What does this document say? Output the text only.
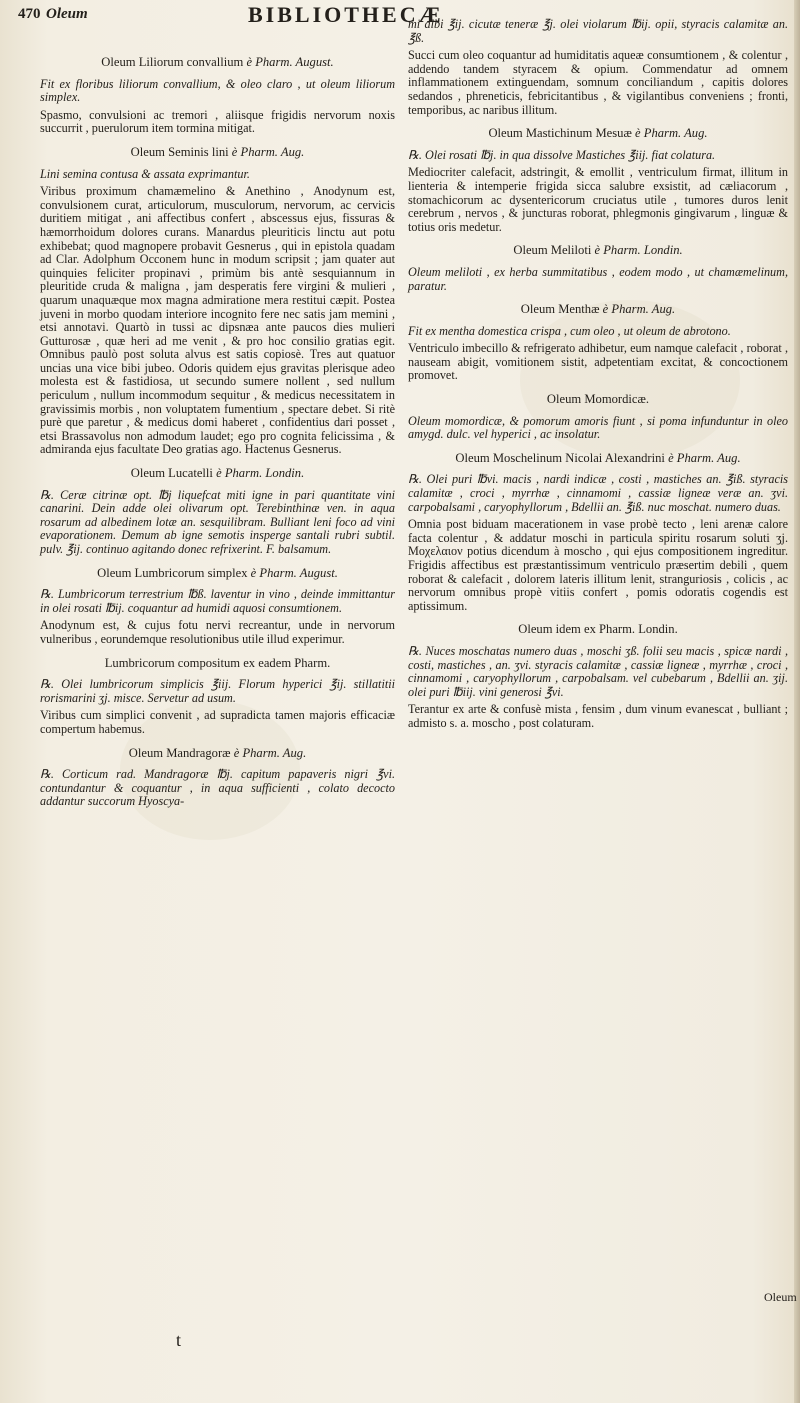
470 Oleum	BIBLIOTHECÆ

Oleum Liliorum convallium è Pharm. August.

Fit ex floribus liliorum convallium, & oleo claro , ut oleum liliorum simplex.

Spasmo, convulsioni ac tremori , aliisque frigidis nervorum noxis succurrit , puerulorum item tormina mitigat.

Oleum Seminis lini è Pharm. Aug.

Lini semina contusa & assata exprimantur.

Viribus proximum chamæmelino & Anethino , Anodynum est, convulsionem curat, articulorum, musculorum, nervorum, ac cervicis duritiem mitigat , ani affectibus confert , abscessus ejus, fissuras & hæmorrhoidum dolores curans. Manardus pleuriticis linctu aut potu exhibebat; quod magnopere probavit Gesnerus , qui in epistola quadam ad Clar. Adolphum Occonem hunc in modum scripsit ; jam quater aut quinquies feliciter propinavi , primùm bis antè sesquiannum in pleuritide cruda & maligna , jam desperatis fere virgini & mulieri , quarum unaquæque mox magna admiratione mera restitui cæpit. Postea juveni in morbo quodam interiore incognito fere nec satis jam memini , etsi annotavi. Quartò in tussi ac dipsnæa ante paucos dies mulieri Gutturosæ , quæ heri ad me venit , & pro hoc consilio gratias egit. Omnibus paulò post soluta alvus est satis copiosè. Tres aut quatuor uncias una vice bibi jubeo. Odoris quidem ejus gravitas plerisque adeo molesta est & fastidiosa, ut secundo sumere nollent , sed nullum periculum , nullum incommodum sequitur , & medicus necessitatem in gravissimis morbis , non voluptatem fumentium , spectare debet. Si ritè purè que paretur , & medicus domi haberet , confidentius dari posset , etsi Brassavolus non admodum laudet; ego pro cognita felicissima , & admiranda ejus facultate Deo gratias ago. Hactenus Gesnerus.

Oleum Lucatelli è Pharm. Londin.

℞. Ceræ citrinæ opt. ℔j liquefcat miti igne in pari quantitate vini canarini. Dein adde olei olivarum opt. Terebinthinæ ven. in aqua rosarum ad albedinem lotæ an. sesquilibram. Bulliant leni foco ad vini evaporationem. Demum ab igne semotis insperge santali rubri subtil. pulv. ℥ij. continuo agitando donec refrixerint. F. balsamum.

Oleum Lumbricorum simplex è Pharm. August.

℞. Lumbricorum terrestrium ℔ß. laventur in vino , deinde immittantur in olei rosati ℔ij. coquantur ad humidi aquosi consumtionem.

Anodynum est, & cujus fotu nervi recreantur, unde in nervorum vulneribus , eorundemque resolutionibus utile illud experimur.

Lumbricorum compositum ex eadem Pharm.

℞. Olei lumbricorum simplicis ℥iij. Florum hyperici ℥ij. stillatitii rorismarini ʒj. misce. Servetur ad usum.

Viribus cum simplici convenit , ad supradicta tamen majoris efficaciæ compertum habemus.

Oleum Mandragoræ è Pharm. Aug.

℞. Corticum rad. Mandragoræ ℔j. capitum papaveris nigri ℥vi. contundantur & coquantur , in aqua sufficienti , colato decocto addantur succorum Hyoscya-

mi albi ℥ij. cicutæ teneræ ℥j. olei violarum ℔ij. opii, styracis calamitæ an. ℥ß.

Succi cum oleo coquantur ad humiditatis aqueæ consumtionem , & colentur , addendo tandem styracem & opium. Commendatur ad omnem inflammationem extinguendam, somnum conciliandum , capitis dolores sedandos , phreneticis, febricitantibus , & vigilantibus conveniens ; fronti, temporibus, ac naribus illitum.

Oleum Mastichinum Mesuæ è Pharm. Aug.

℞. Olei rosati ℔j. in qua dissolve Mastiches ℥iij. fiat colatura.

Mediocriter calefacit, adstringit, & emollit , ventriculum firmat, illitum in lienteria & intemperie frigida sicca salubre exsistit, ad cæliacorum , stomachicorum ac dysentericorum cruciatus utile , tumores duros lenit cerebrum , nervos , & juncturas roborat, phlegmonis gingivarum , linguæ & totius oris medetur.

Oleum Meliloti è Pharm. Londin.

Oleum meliloti , ex herba summitatibus , eodem modo , ut chamæmelinum, paratur.

Oleum Menthæ è Pharm. Aug.

Fit ex mentha domestica crispa , cum oleo , ut oleum de abrotono.

Ventriculo imbecillo & refrigerato adhibetur, eum namque calefacit , roborat , nauseam abigit, vomitionem sistit, adpetentiam excitat, & concoctionem promovet.

Oleum Momordicæ.

Oleum momordicæ, & pomorum amoris fiunt , si poma infunduntur in oleo amygd. dulc. vel hyperici , ac insolatur.

Oleum Moschelinum Nicolai Alexandrini è Pharm. Aug.

℞. Olei puri ℔vi. macis , nardi indicæ , costi , mastiches an. ℥iß. styracis calamitæ , croci , myrrhæ , cinnamomi , cassiæ ligneæ veræ an. ʒvi. carpobalsami , caryophyllorum , Bdellii an. ℥iß. nuc moschat. numero duas.

Omnia post biduam macerationem in vase probè tecto , leni arenæ calore facta colentur , & addatur moschi in particula spiritu rosarum soluti ʒj. Μοχελαιον potius dicendum à moscho , qui ejus compositionem ingreditur. Frigidis affectibus est præstantissimum ventriculo præsertim debili , quem roborat & calefacit , dolorem lateris illitum lenit, stranguriosis , colicis , ac nervorum omnibus propè vitiis confert , pomis odoratis cogendis est aptissimum.

Oleum idem ex Pharm. Londin.

℞. Nuces moschatas numero duas , moschi ʒß. folii seu macis , spicæ nardi , costi, mastiches , an. ʒvi. styracis calamitæ , cassiæ ligneæ , myrrhæ , croci , cinnamomi , caryophyllorum , carpobalsam. vel cubebarum , Bdellii an. ʒij. olei puri ℔iij. vini generosi ℥vi.

Terantur ex arte & confusè mista , fensim , dum vinum evanescat , bulliant ; admisto s. a. moscho , post colaturam.

t
Oleum
